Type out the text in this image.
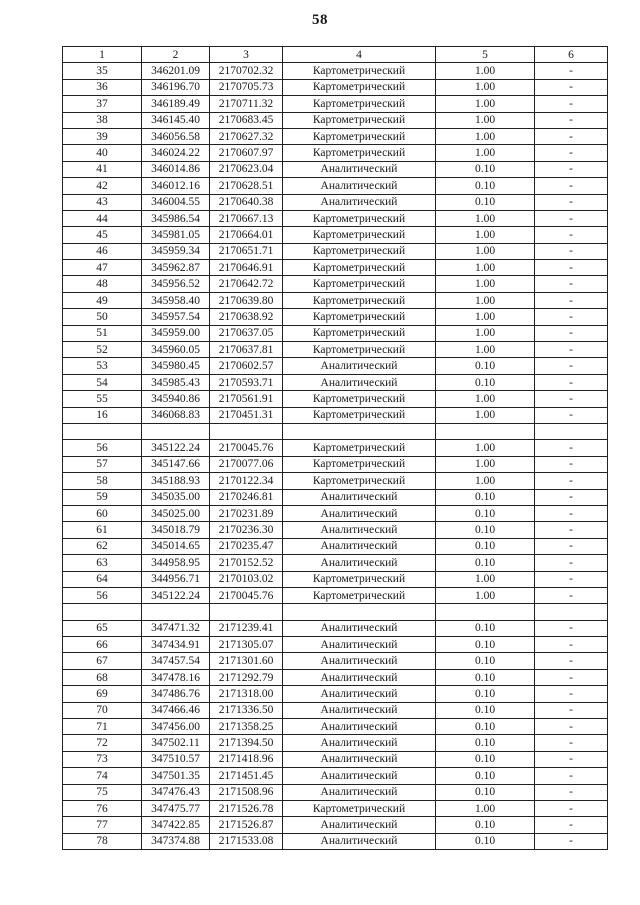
58
1	2	3	4	5	6
35	346201.09	2170702.32	Картометрический	1.00	-
36	346196.70	2170705.73	Картометрический	1.00	-
37	346189.49	2170711.32	Картометрический	1.00	-
38	346145.40	2170683.45	Картометрический	1.00	-
39	346056.58	2170627.32	Картометрический	1.00	-
40	346024.22	2170607.97	Картометрический	1.00	-
41	346014.86	2170623.04	Аналитический	0.10	-
42	346012.16	2170628.51	Аналитический	0.10	-
43	346004.55	2170640.38	Аналитический	0.10	-
44	345986.54	2170667.13	Картометрический	1.00	-
45	345981.05	2170664.01	Картометрический	1.00	-
46	345959.34	2170651.71	Картометрический	1.00	-
47	345962.87	2170646.91	Картометрический	1.00	-
48	345956.52	2170642.72	Картометрический	1.00	-
49	345958.40	2170639.80	Картометрический	1.00	-
50	345957.54	2170638.92	Картометрический	1.00	-
51	345959.00	2170637.05	Картометрический	1.00	-
52	345960.05	2170637.81	Картометрический	1.00	-
53	345980.45	2170602.57	Аналитический	0.10	-
54	345985.43	2170593.71	Аналитический	0.10	-
55	345940.86	2170561.91	Картометрический	1.00	-
16	346068.83	2170451.31	Картометрический	1.00	-

56	345122.24	2170045.76	Картометрический	1.00	-
57	345147.66	2170077.06	Картометрический	1.00	-
58	345188.93	2170122.34	Картометрический	1.00	-
59	345035.00	2170246.81	Аналитический	0.10	-
60	345025.00	2170231.89	Аналитический	0.10	-
61	345018.79	2170236.30	Аналитический	0.10	-
62	345014.65	2170235.47	Аналитический	0.10	-
63	344958.95	2170152.52	Аналитический	0.10	-
64	344956.71	2170103.02	Картометрический	1.00	-
56	345122.24	2170045.76	Картометрический	1.00	-

65	347471.32	2171239.41	Аналитический	0.10	-
66	347434.91	2171305.07	Аналитический	0.10	-
67	347457.54	2171301.60	Аналитический	0.10	-
68	347478.16	2171292.79	Аналитический	0.10	-
69	347486.76	2171318.00	Аналитический	0.10	-
70	347466.46	2171336.50	Аналитический	0.10	-
71	347456.00	2171358.25	Аналитический	0.10	-
72	347502.11	2171394.50	Аналитический	0.10	-
73	347510.57	2171418.96	Аналитический	0.10	-
74	347501.35	2171451.45	Аналитический	0.10	-
75	347476.43	2171508.96	Аналитический	0.10	-
76	347475.77	2171526.78	Картометрический	1.00	-
77	347422.85	2171526.87	Аналитический	0.10	-
78	347374.88	2171533.08	Аналитический	0.10	-
